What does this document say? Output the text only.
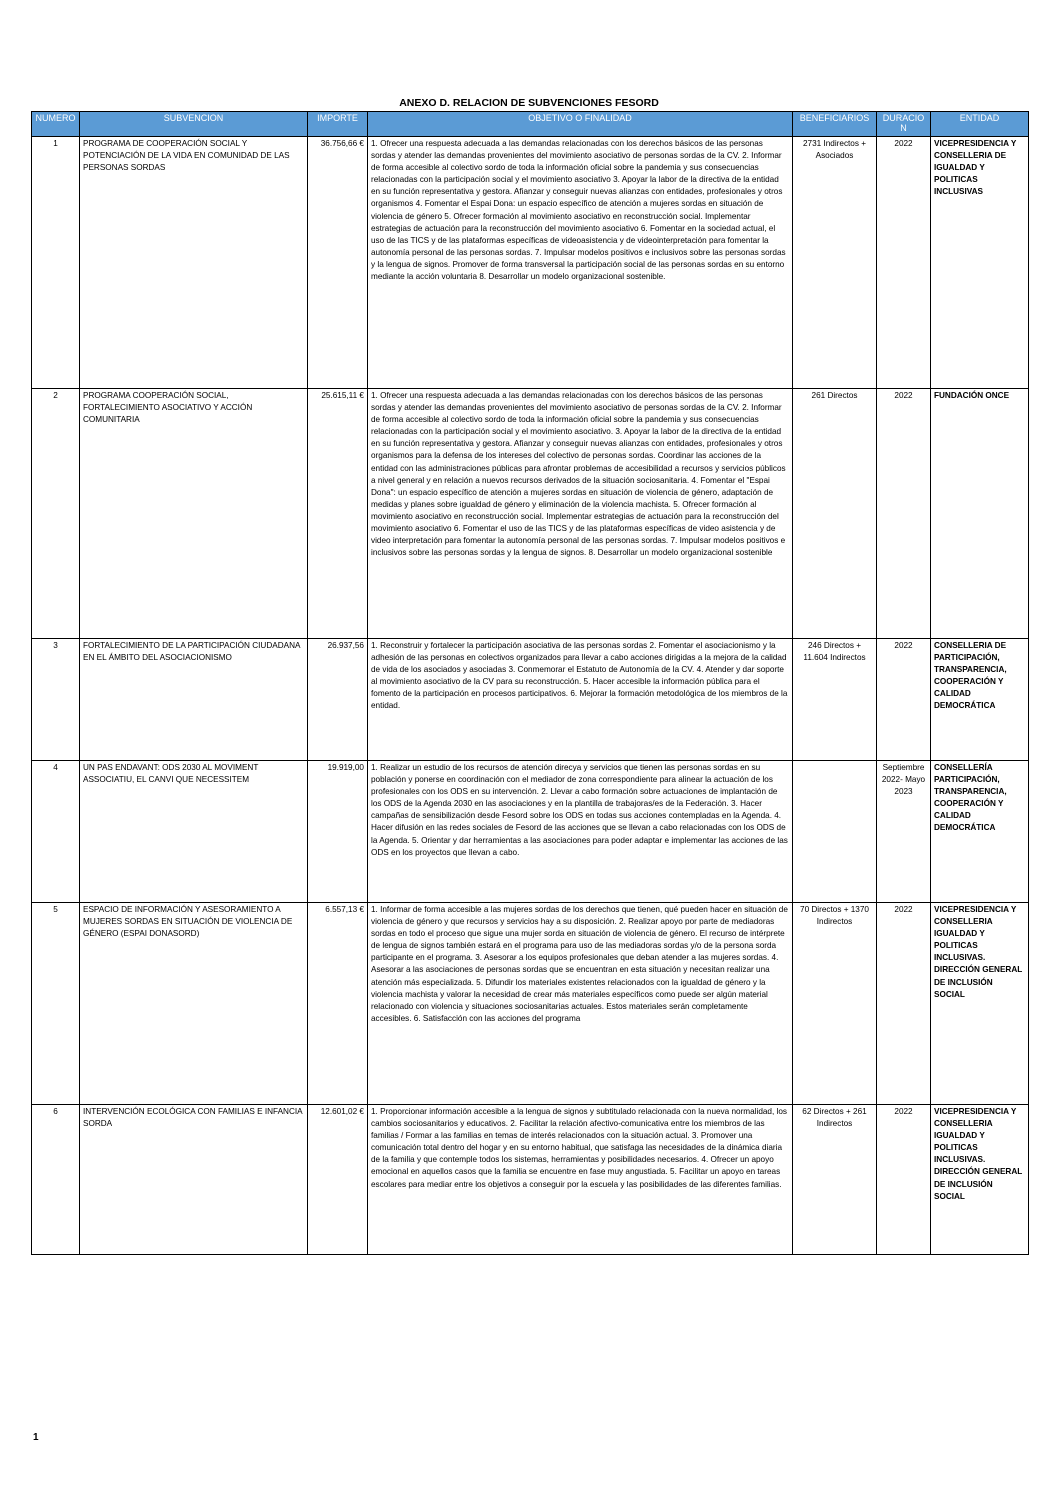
ANEXO D. RELACION DE SUBVENCIONES FESORD
NUMERO	SUBVENCION	IMPORTE	OBJETIVO O FINALIDAD	BENEFICIARIOS	DURACIO N	ENTIDAD
1	PROGRAMA DE COOPERACIÓN SOCIAL Y POTENCIACIÓN DE LA VIDA EN COMUNIDAD DE LAS PERSONAS SORDAS	36.756,66 €	1. Ofrecer una respuesta adecuada a las demandas relacionadas con los derechos básicos de las personas sordas y atender las demandas provenientes del movimiento asociativo de personas sordas de la CV. 2. Informar de forma accesible al colectivo sordo de toda la información oficial sobre la pandemia y sus consecuencias relacionadas con la participación social y el movimiento asociativo 3. Apoyar la labor de la directiva de la entidad en su función representativa y gestora. Afianzar y conseguir nuevas alianzas con entidades, profesionales y otros organismos 4. Fomentar el Espai Dona: un espacio específico de atención a mujeres sordas en situación de violencia de género 5. Ofrecer formación al movimiento asociativo en reconstrucción social. Implementar estrategias de actuación para la reconstrucción del movimiento asociativo 6. Fomentar en la sociedad actual, el uso de las TICS y de las plataformas específicas de videoasistencia y de videointerpretación para fomentar la autonomía personal de las personas sordas. 7. Impulsar modelos positivos e inclusivos sobre las personas sordas y la lengua de signos. Promover de forma transversal la participación social de las personas sordas en su entorno mediante la acción voluntaria 8. Desarrollar un modelo organizacional sostenible.	2731 Indirectos + Asociados	2022	VICEPRESIDENCIA Y CONSELLERIA DE IGUALDAD Y POLITICAS INCLUSIVAS
2	PROGRAMA COOPERACIÓN SOCIAL, FORTALECIMIENTO ASOCIATIVO Y ACCIÓN COMUNITARIA	25.615,11 €	1. Ofrecer una respuesta adecuada a las demandas relacionadas con los derechos básicos de las personas sordas y atender las demandas provenientes del movimiento asociativo de personas sordas de la CV. 2. Informar de forma accesible al colectivo sordo de toda la información oficial sobre la pandemia y sus consecuencias relacionadas con la participación social y el movimiento asociativo. 3. Apoyar la labor de la directiva de la entidad en su función representativa y gestora. Afianzar y conseguir nuevas alianzas con entidades, profesionales y otros organismos para la defensa de los intereses del colectivo de personas sordas. Coordinar las acciones de la entidad con las administraciones públicas para afrontar problemas de accesibilidad a recursos y servicios públicos a nivel general y en relación a nuevos recursos derivados de la situación sociosanitaria. 4. Fomentar el "Espai Dona": un espacio específico de atención a mujeres sordas en situación de violencia de género, adaptación de medidas y planes sobre igualdad de género y eliminación de la violencia machista. 5. Ofrecer formación al movimiento asociativo en reconstrucción social. Implementar estrategias de actuación para la reconstrucción del movimiento asociativo 6. Fomentar el uso de las TICS y de las plataformas específicas de video asistencia y de video interpretación para fomentar la autonomía personal de las personas sordas. 7. Impulsar modelos positivos e inclusivos sobre las personas sordas y la lengua de signos. 8. Desarrollar un modelo organizacional sostenible	261 Directos	2022	FUNDACIÓN ONCE
3	FORTALECIMIENTO DE LA PARTICIPACIÓN CIUDADANA EN EL ÁMBITO DEL ASOCIACIONISMO	26.937,56	1. Reconstruir y fortalecer la participación asociativa de las personas sordas 2. Fomentar el asociacionismo y la adhesión de las personas en colectivos organizados para llevar a cabo acciones dirigidas a la mejora de la calidad de vida de los asociados y asociadas 3. Conmemorar el Estatuto de Autonomía de la CV. 4. Atender y dar soporte al movimiento asociativo de la CV para su reconstrucción. 5. Hacer accesible la información pública para el fomento de la participación en procesos participativos. 6. Mejorar la formación metodológica de los miembros de la entidad.	246 Directos + 11.604 Indirectos	2022	CONSELLERIA DE PARTICIPACIÓN, TRANSPARENCIA, COOPERACIÓN Y CALIDAD DEMOCRÁTICA
4	UN PAS ENDAVANT: ODS 2030 AL MOVIMENT ASSOCIATIU, EL CANVI QUE NECESSITEM	19.919,00	1. Realizar un estudio de los recursos de atención direcya y servicios que tienen las personas sordas en su población y ponerse en coordinación con el mediador de zona correspondiente para alinear la actuación de los profesionales con los ODS en su intervención. 2. Llevar a cabo formación sobre actuaciones de implantación de los ODS de la Agenda 2030 en las asociaciones y en la plantilla de trabajoras/es de la Federación. 3. Hacer campañas de sensibilización desde Fesord sobre los ODS en todas sus acciones contempladas en la Agenda. 4. Hacer difusión en las redes sociales de Fesord de las acciones que se llevan a cabo relacionadas con los ODS de la Agenda. 5. Orientar y dar herramientas a las asociaciones para poder adaptar e implementar las acciones de las ODS en los proyectos que llevan a cabo.		Septiembre 2022- Mayo 2023	CONSELLERÍA PARTICIPACIÓN, TRANSPARENCIA, COOPERACIÓN Y CALIDAD DEMOCRÁTICA
5	ESPACIO DE INFORMACIÓN Y ASESORAMIENTO A MUJERES SORDAS EN SITUACIÓN DE VIOLENCIA DE GÉNERO (ESPAI DONASORD)	6.557,13 €	1. Informar de forma accesible a las mujeres sordas de los derechos que tienen, qué pueden hacer en situación de violencia de género y que recursos y servicios hay a su disposición. 2. Realizar apoyo por parte de mediadoras sordas en todo el proceso que sigue una mujer sorda en situación de violencia de género. El recurso de intérprete de lengua de signos también estará en el programa para uso de las mediadoras sordas y/o de la persona sorda participante en el programa. 3. Asesorar a los equipos profesionales que deban atender a las mujeres sordas. 4. Asesorar a las asociaciones de personas sordas que se encuentran en esta situación y necesitan realizar una atención más especializada. 5. Difundir los materiales existentes relacionados con la igualdad de género y la violencia machista y valorar la necesidad de crear más materiales específicos como puede ser algún material relacionado con violencia y situaciones sociosanitarias actuales. Estos materiales serán completamente accesibles. 6. Satisfacción con las acciones del programa	70 Directos + 1370 Indirectos	2022	VICEPRESIDENCIA Y CONSELLERIA IGUALDAD Y POLITICAS INCLUSIVAS. DIRECCIÓN GENERAL DE INCLUSIÓN SOCIAL
6	INTERVENCIÓN ECOLÓGICA CON FAMILIAS E INFANCIA SORDA	12.601,02 €	1. Proporcionar información accesible a la lengua de signos y subtitulado relacionada con la nueva normalidad, los cambios sociosanitarios y educativos. 2. Facilitar la relación afectivo-comunicativa entre los miembros de las familias / Formar a las familias en temas de interés relacionados con la situación actual. 3. Promover una comunicación total dentro del hogar y en su entorno habitual, que satisfaga las necesidades de la dinámica diaria de la familia y que contemple todos los sistemas, herramientas y posibilidades necesarios. 4. Ofrecer un apoyo emocional en aquellos casos que la familia se encuentre en fase muy angustiada. 5. Facilitar un apoyo en tareas escolares para mediar entre los objetivos a conseguir por la escuela y las posibilidades de las diferentes familias.	62 Directos + 261 Indirectos	2022	VICEPRESIDENCIA Y CONSELLERIA IGUALDAD Y POLITICAS INCLUSIVAS. DIRECCIÓN GENERAL DE INCLUSIÓN SOCIAL
1
